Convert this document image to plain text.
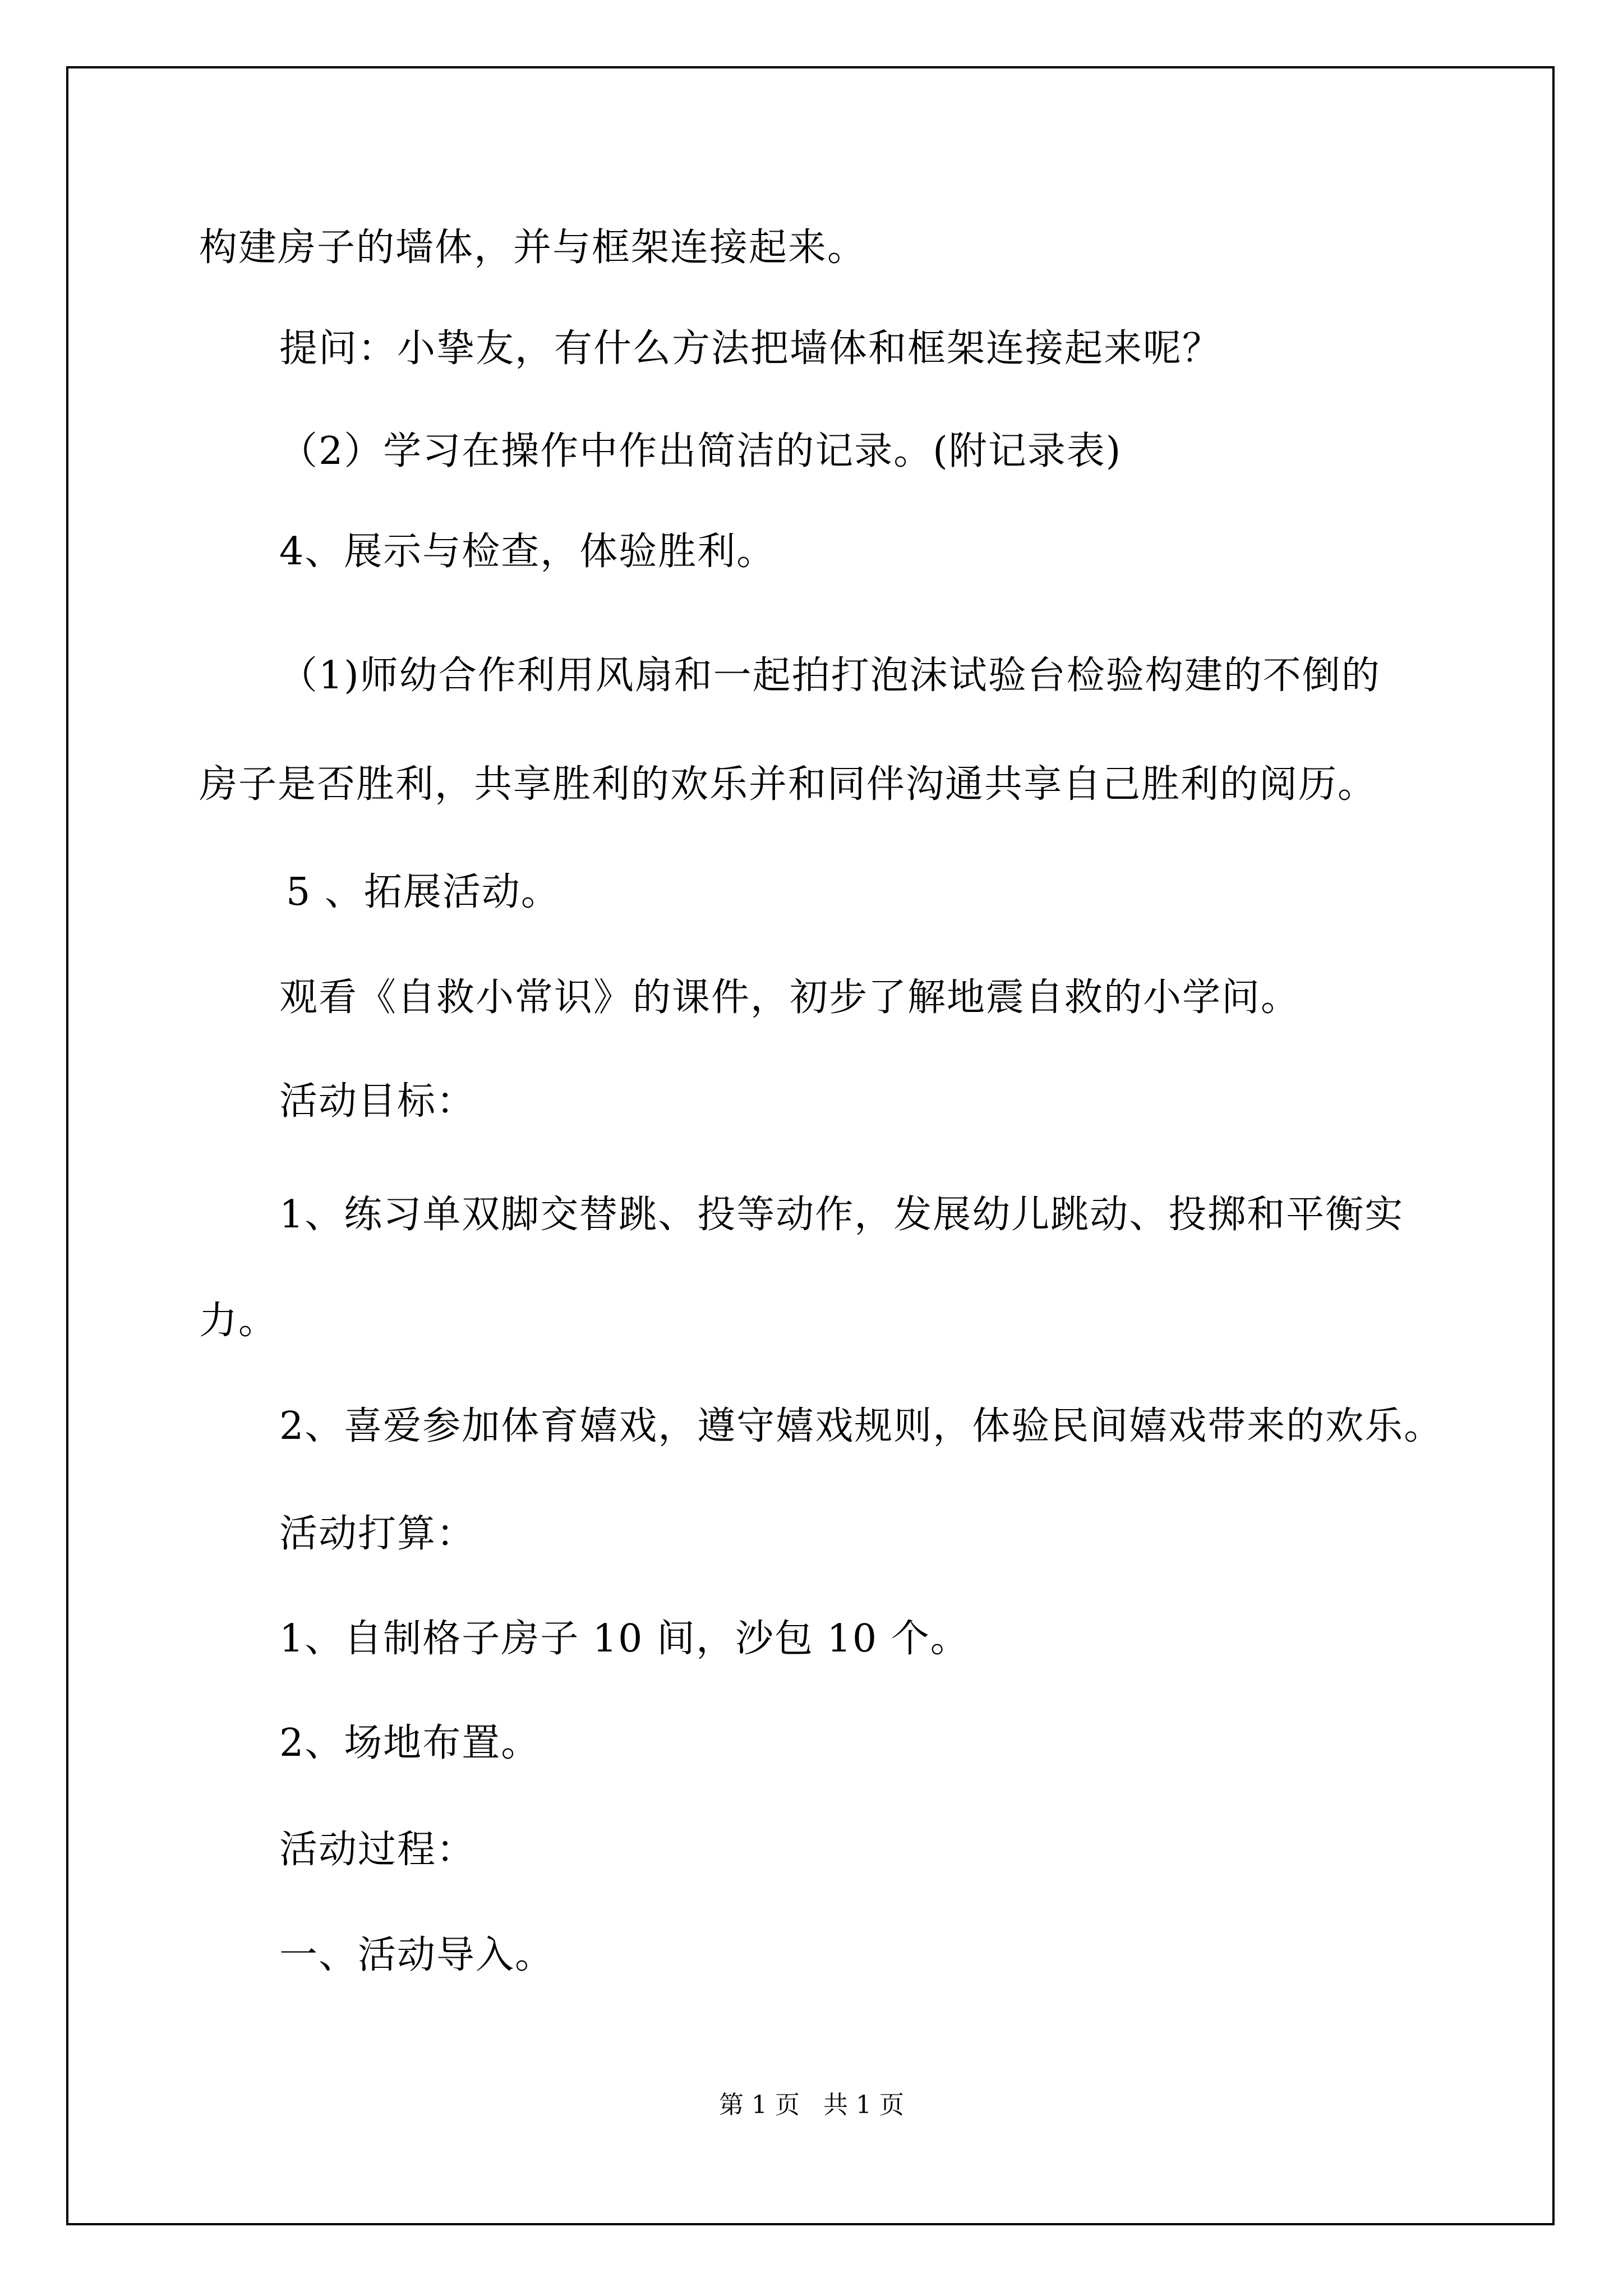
构建房子的墙体，并与框架连接起来。

提问：小挚友，有什么方法把墙体和框架连接起来呢？

（2）学习在操作中作出简洁的记录。(附记录表)

4、展示与检查，体验胜利。

（1)师幼合作利用风扇和一起拍打泡沫试验台检验构建的不倒的

房子是否胜利，共享胜利的欢乐并和同伴沟通共享自己胜利的阅历。

5 、拓展活动。

观看《自救小常识》的课件，初步了解地震自救的小学问。

活动目标：

1、练习单双脚交替跳、投等动作，发展幼儿跳动、投掷和平衡实

力。

2、喜爱参加体育嬉戏，遵守嬉戏规则，体验民间嬉戏带来的欢乐。

活动打算：

1、自制格子房子 10 间，沙包 10 个。

2、场地布置。

活动过程：

一、活动导入。

第 1 页   共 1 页
